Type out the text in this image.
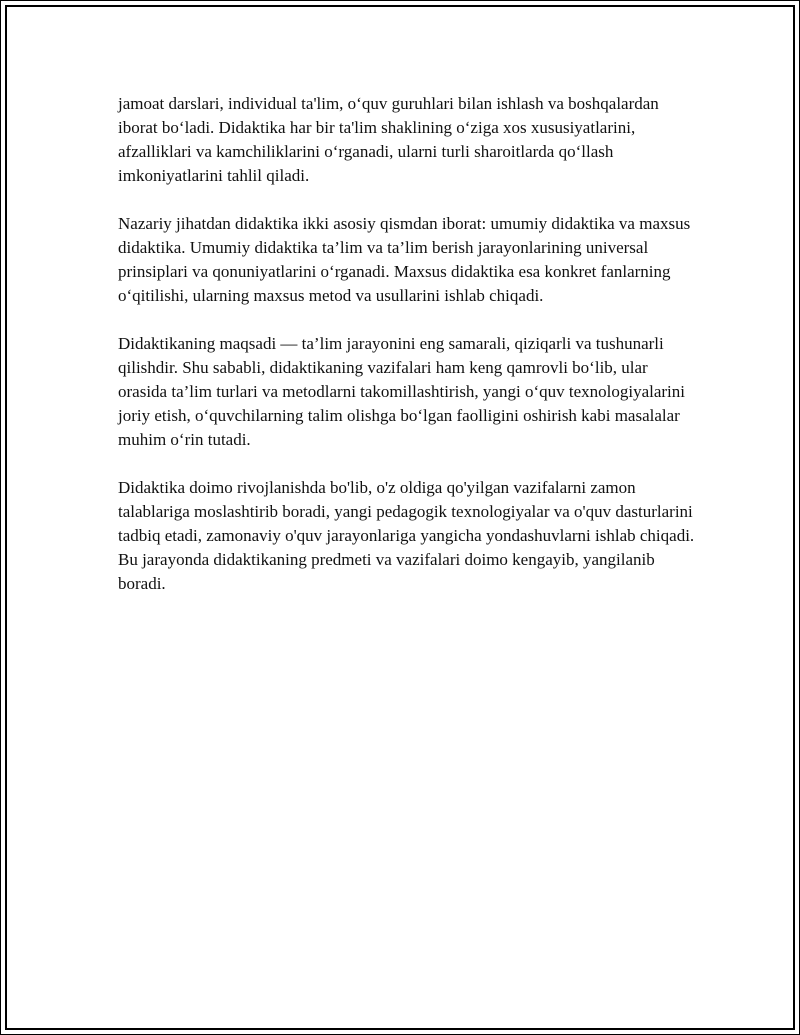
jamoat darslari, individual ta'lim, o‘quv guruhlari bilan ishlash va boshqalardan iborat bo‘ladi. Didaktika har bir ta'lim shaklining o‘ziga xos xususiyatlarini, afzalliklari va kamchiliklarini o‘rganadi, ularni turli sharoitlarda qo‘llash imkoniyatlarini tahlil qiladi.

Nazariy jihatdan didaktika ikki asosiy qismdan iborat: umumiy didaktika va maxsus didaktika. Umumiy didaktika ta’lim va ta’lim berish jarayonlarining universal prinsiplari va qonuniyatlarini o‘rganadi. Maxsus didaktika esa konkret fanlarning o‘qitilishi, ularning maxsus metod va usullarini ishlab chiqadi.

Didaktikaning maqsadi — ta’lim jarayonini eng samarali, qiziqarli va tushunarli qilishdir. Shu sababli, didaktikaning vazifalari ham keng qamrovli bo‘lib, ular orasida ta’lim turlari va metodlarni takomillashtirish, yangi o‘quv texnologiyalarini joriy etish, o‘quvchilarning talim olishga bo‘lgan faolligini oshirish kabi masalalar muhim o‘rin tutadi.

Didaktika doimo rivojlanishda bo'lib, o'z oldiga qo'yilgan vazifalarni zamon talablariga moslashtirib boradi, yangi pedagogik texnologiyalar va o'quv dasturlarini tadbiq etadi, zamonaviy o'quv jarayonlariga yangicha yondashuvlarni ishlab chiqadi. Bu jarayonda didaktikaning predmeti va vazifalari doimo kengayib, yangilanib boradi.
